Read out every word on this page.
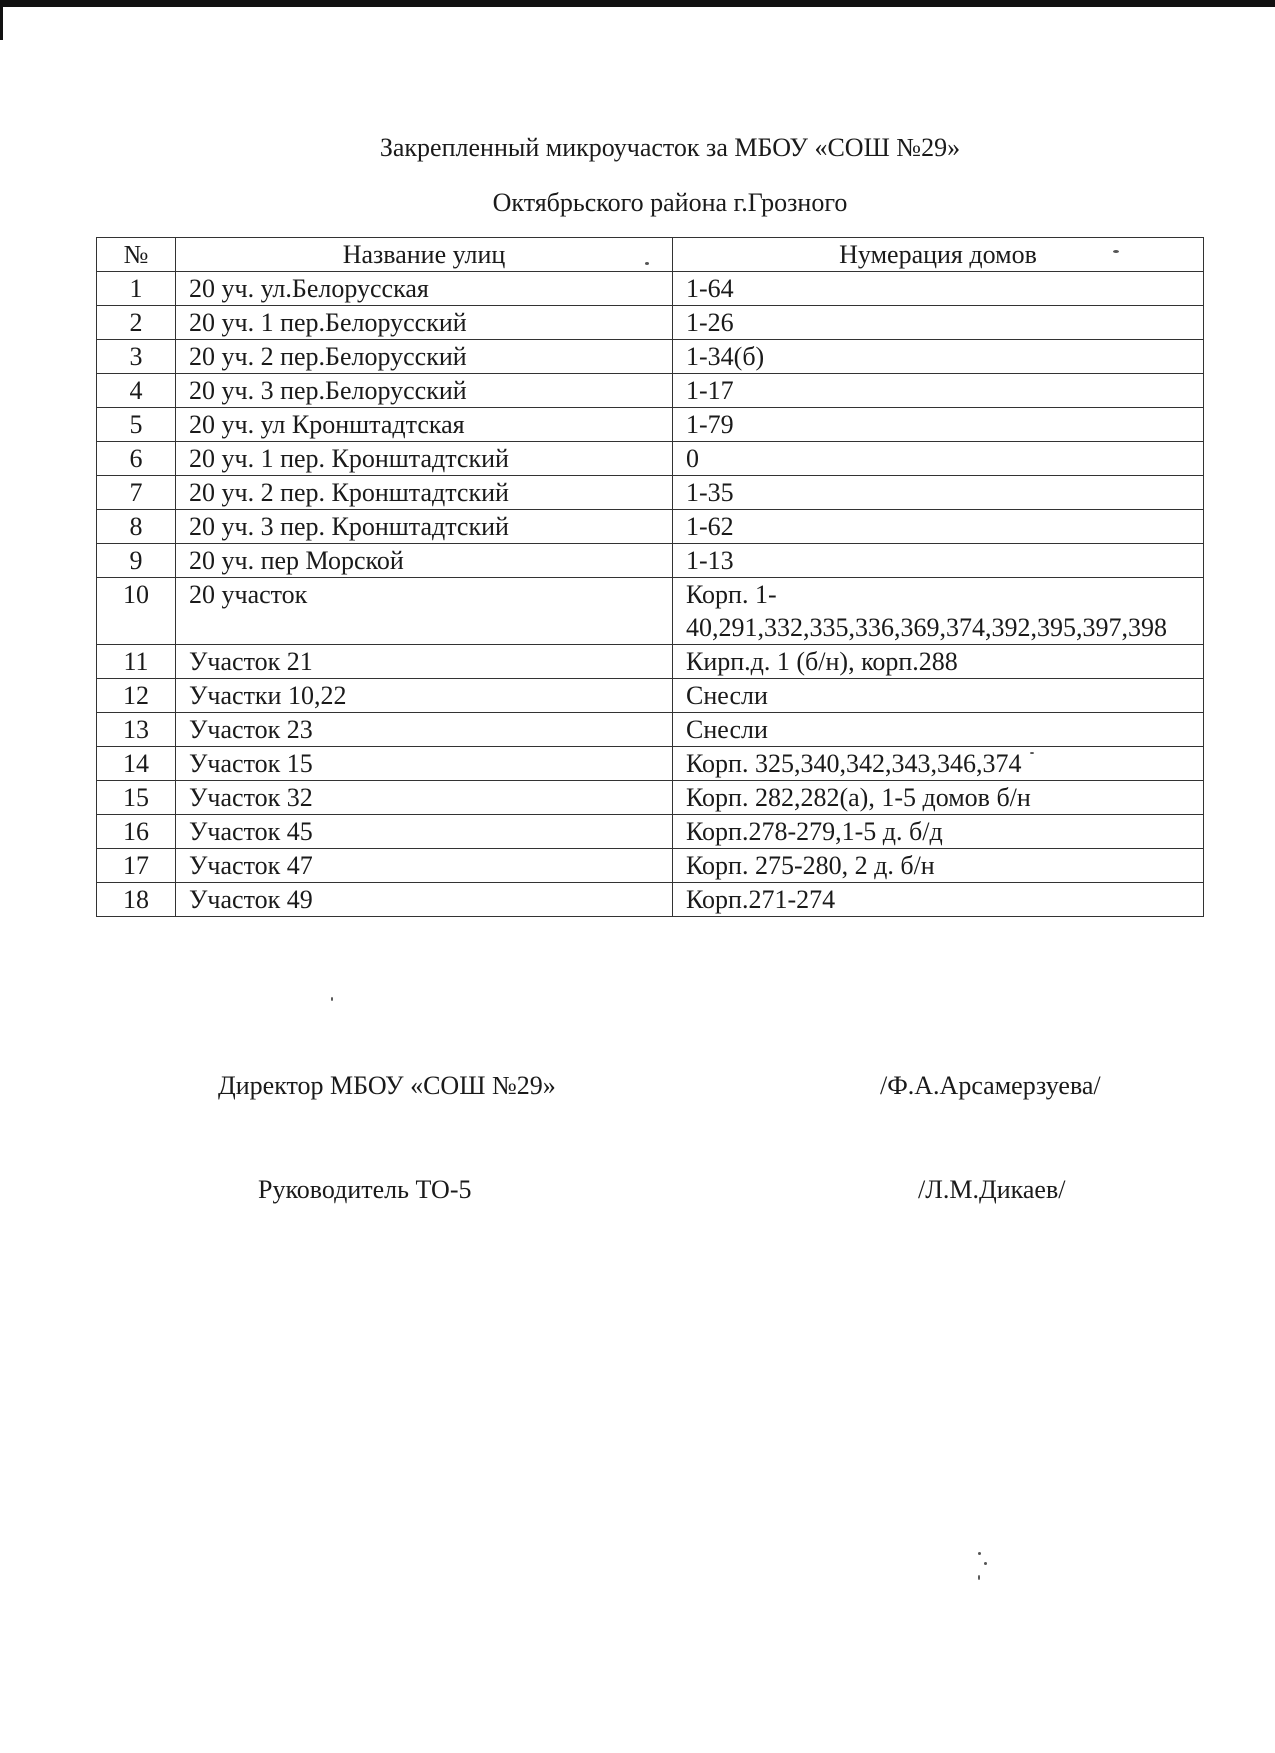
Закрепленный микроучасток за МБОУ «СОШ №29»
Октябрьского района г.Грозного
№	Название улиц	Нумерация домов
1	20 уч. ул.Белорусская	1-64
2	20 уч. 1 пер.Белорусский	1-26
3	20 уч. 2 пер.Белорусский	1-34(б)
4	20 уч. 3 пер.Белорусский	1-17
5	20 уч. ул Кронштадтская	1-79
6	20 уч. 1 пер. Кронштадтский	0
7	20 уч. 2 пер. Кронштадтский	1-35
8	20 уч. 3 пер. Кронштадтский	1-62
9	20 уч. пер Морской	1-13
10	20 участок	Корп. 1-40,291,332,335,336,369,374,392,395,397,398
11	Участок 21	Кирп.д. 1 (б/н), корп.288
12	Участки 10,22	Снесли
13	Участок 23	Снесли
14	Участок 15	Корп. 325,340,342,343,346,374
15	Участок 32	Корп. 282,282(а), 1-5 домов б/н
16	Участок 45	Корп.278-279,1-5 д. б/д
17	Участок 47	Корп. 275-280, 2 д. б/н
18	Участок 49	Корп.271-274
Директор МБОУ «СОШ №29»	/Ф.А.Арсамерзуева/
Руководитель ТО-5	/Л.М.Дикаев/
